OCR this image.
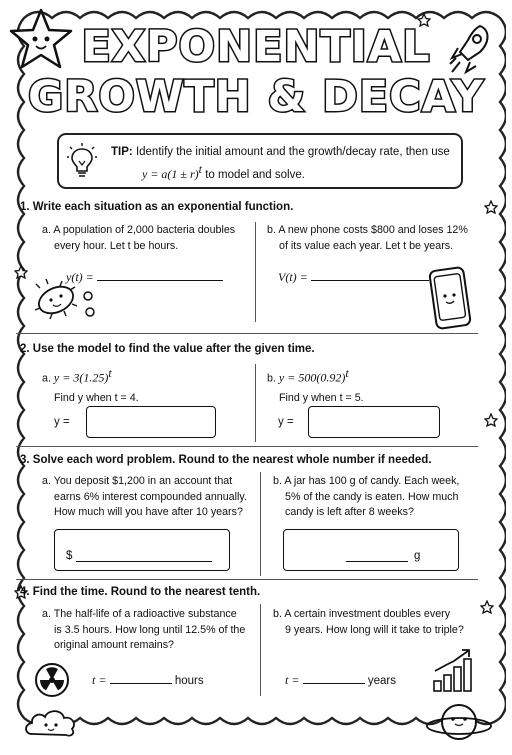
EXPONENTIAL
GROWTH & DECAY
TIP: Identify the initial amount and the growth/decay rate, then use
$y = a(1 \pm r)^t$ to model and solve.
1. Write each situation as an exponential function.
a. A population of 2,000 bacteria doubles
every hour. Let t be hours.
b. A new phone costs $800 and loses 12%
of its value each year. Let t be years.
y(t) =	V(t) =
2. Use the model to find the value after the given time.
a. $y = 3(1.25)^t$
Find y when t = 4.
b. $y = 500(0.92)^t$
Find y when t = 5.
y =	y =
3. Solve each word problem. Round to the nearest whole number if needed.
a. You deposit $1,200 in an account that
earns 6% interest compounded annually.
How much will you have after 10 years?
b. A jar has 100 g of candy. Each week,
5% of the candy is eaten. How much
candy is left after 8 weeks?
$	g
4. Find the time. Round to the nearest tenth.
a. The half-life of a radioactive substance
is 3.5 hours. How long until 12.5% of the
original amount remains?
b. A certain investment doubles every
9 years. How long will it take to triple?
t =	hours	t =	years
